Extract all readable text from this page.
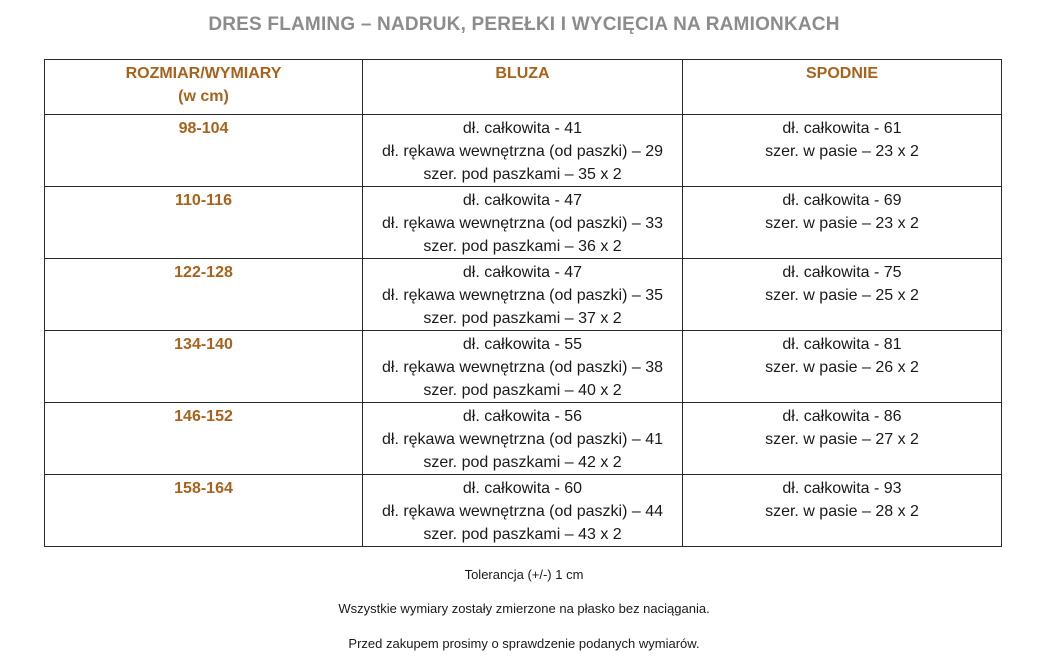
DRES FLAMING – NADRUK, PEREŁKI I WYCIĘCIA NA RAMIONKACH
ROZMIAR/WYMIARY
(w cm)	BLUZA	SPODNIE
98-104	dł. całkowita - 41
dł. rękawa wewnętrzna (od paszki) – 29
szer. pod paszkami – 35 x 2	dł. całkowita - 61
szer. w pasie – 23 x 2

110-116	dł. całkowita - 47
dł. rękawa wewnętrzna (od paszki) – 33
szer. pod paszkami – 36 x 2	dł. całkowita - 69
szer. w pasie – 23 x 2

122-128	dł. całkowita - 47
dł. rękawa wewnętrzna (od paszki) – 35
szer. pod paszkami – 37 x 2	dł. całkowita - 75
szer. w pasie – 25 x 2

134-140	dł. całkowita - 55
dł. rękawa wewnętrzna (od paszki) – 38
szer. pod paszkami – 40 x 2	dł. całkowita - 81
szer. w pasie – 26 x 2

146-152	dł. całkowita - 56
dł. rękawa wewnętrzna (od paszki) – 41
szer. pod paszkami – 42 x 2	dł. całkowita - 86
szer. w pasie – 27 x 2

158-164	dł. całkowita - 60
dł. rękawa wewnętrzna (od paszki) – 44
szer. pod paszkami – 43 x 2	dł. całkowita - 93
szer. w pasie – 28 x 2
Tolerancja (+/-) 1 cm
Wszystkie wymiary zostały zmierzone na płasko bez naciągania.
Przed zakupem prosimy o sprawdzenie podanych wymiarów.
